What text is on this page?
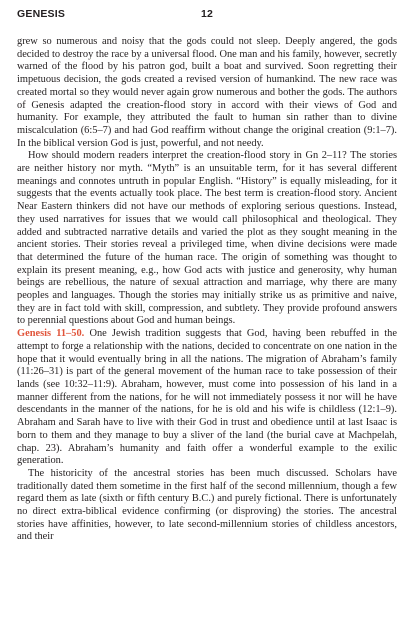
GENESIS	12

grew so numerous and noisy that the gods could not sleep. Deeply angered, the gods decided to destroy the race by a universal flood. One man and his family, however, secretly warned of the flood by his patron god, built a boat and survived. Soon regretting their impetuous decision, the gods created a revised version of humankind. The new race was created mortal so they would never again grow numerous and bother the gods. The authors of Genesis adapted the creation-flood story in accord with their views of God and humanity. For example, they attributed the fault to human sin rather than to divine miscalculation (6:5–7) and had God reaffirm without change the original creation (9:1–7). In the biblical version God is just, powerful, and not needy.

How should modern readers interpret the creation-flood story in Gn 2–11? The stories are neither history nor myth. “Myth” is an unsuitable term, for it has several different meanings and connotes untruth in popular English. “History” is equally misleading, for it suggests that the events actually took place. The best term is creation-flood story. Ancient Near Eastern thinkers did not have our methods of exploring serious questions. Instead, they used narratives for issues that we would call philosophical and theological. They added and subtracted narrative details and varied the plot as they sought meaning in the ancient stories. Their stories reveal a privileged time, when divine decisions were made that determined the future of the human race. The origin of something was thought to explain its present meaning, e.g., how God acts with justice and generosity, why human beings are rebellious, the nature of sexual attraction and marriage, why there are many peoples and languages. Though the stories may initially strike us as primitive and naive, they are in fact told with skill, compression, and subtlety. They provide profound answers to perennial questions about God and human beings.

Genesis 11–50. One Jewish tradition suggests that God, having been rebuffed in the attempt to forge a relationship with the nations, decided to concentrate on one nation in the hope that it would eventually bring in all the nations. The migration of Abraham’s family (11:26–31) is part of the general movement of the human race to take possession of their lands (see 10:32–11:9). Abraham, however, must come into possession of his land in a manner different from the nations, for he will not immediately possess it nor will he have descendants in the manner of the nations, for he is old and his wife is childless (12:1–9). Abraham and Sarah have to live with their God in trust and obedience until at last Isaac is born to them and they manage to buy a sliver of the land (the burial cave at Machpelah, chap. 23). Abraham’s humanity and faith offer a wonderful example to the exilic generation.

The historicity of the ancestral stories has been much discussed. Scholars have traditionally dated them sometime in the first half of the second millennium, though a few regard them as late (sixth or fifth century B.C.) and purely fictional. There is unfortunately no direct extra-biblical evidence confirming (or disproving) the stories. The ancestral stories have affinities, however, to late second-millennium stories of childless ancestors, and their
